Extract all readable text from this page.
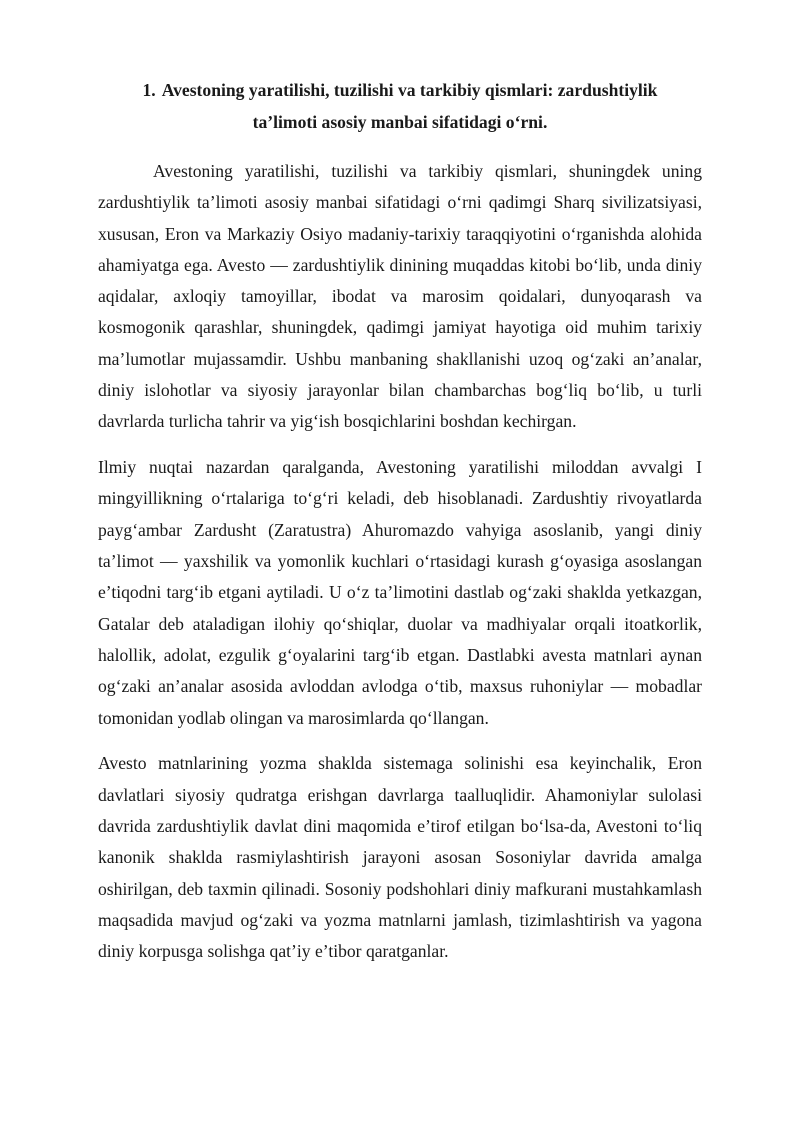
1. Avestoning yaratilishi, tuzilishi va tarkibiy qismlari: zardushtiylik
ta’limoti asosiy manbai sifatidagi o‘rni.

Avestoning yaratilishi, tuzilishi va tarkibiy qismlari, shuningdek uning zardushtiylik ta’limoti asosiy manbai sifatidagi o‘rni qadimgi Sharq sivilizatsiyasi, xususan, Eron va Markaziy Osiyo madaniy-tarixiy taraqqiyotini o‘rganishda alohida ahamiyatga ega. Avesto — zardushtiylik dinining muqaddas kitobi bo‘lib, unda diniy aqidalar, axloqiy tamoyillar, ibodat va marosim qoidalari, dunyoqarash va kosmogonik qarashlar, shuningdek, qadimgi jamiyat hayotiga oid muhim tarixiy ma’lumotlar mujassamdir. Ushbu manbaning shakllanishi uzoq og‘zaki an’analar, diniy islohotlar va siyosiy jarayonlar bilan chambarchas bog‘liq bo‘lib, u turli davrlarda turlicha tahrir va yig‘ish bosqichlarini boshdan kechirgan.

Ilmiy nuqtai nazardan qaralganda, Avestoning yaratilishi miloddan avvalgi I mingyillikning o‘rtalariga to‘g‘ri keladi, deb hisoblanadi. Zardushtiy rivoyatlarda payg‘ambar Zardusht (Zaratustra) Ahuromazdo vahyiga asoslanib, yangi diniy ta’limot — yaxshilik va yomonlik kuchlari o‘rtasidagi kurash g‘oyasiga asoslangan e’tiqodni targ‘ib etgani aytiladi. U o‘z ta’limotini dastlab og‘zaki shaklda yetkazgan, Gatalar deb ataladigan ilohiy qo‘shiqlar, duolar va madhiyalar orqali itoatkorlik, halollik, adolat, ezgulik g‘oyalarini targ‘ib etgan. Dastlabki avesta matnlari aynan og‘zaki an’analar asosida avloddan avlodga o‘tib, maxsus ruhoniylar — mobadlar tomonidan yodlab olingan va marosimlarda qo‘llangan.

Avesto matnlarining yozma shaklda sistemaga solinishi esa keyinchalik, Eron davlatlari siyosiy qudratga erishgan davrlarga taalluqlidir. Ahamoniylar sulolasi davrida zardushtiylik davlat dini maqomida e’tirof etilgan bo‘lsa-da, Avestoni to‘liq kanonik shaklda rasmiylashtirish jarayoni asosan Sosoniylar davrida amalga oshirilgan, deb taxmin qilinadi. Sosoniy podshohlari diniy mafkurani mustahkamlash maqsadida mavjud og‘zaki va yozma matnlarni jamlash, tizimlashtirish va yagona diniy korpusga solishga qat’iy e’tibor qaratganlar.
